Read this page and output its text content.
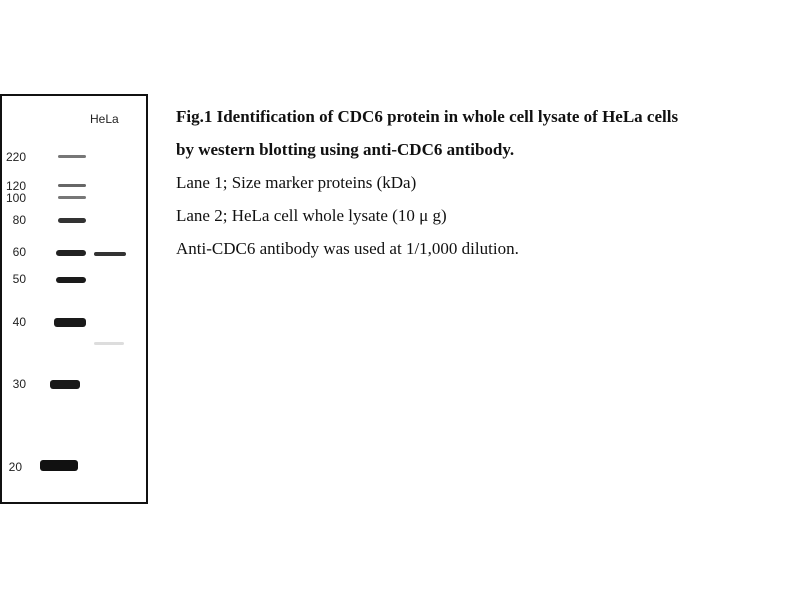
HeLa
220
120
100
80
60
50
40
30
20
Fig.1 Identification of CDC6 protein in whole cell lysate of HeLa cells
by western blotting using anti-CDC6 antibody.
Lane 1; Size marker proteins (kDa)
Lane 2; HeLa cell whole lysate (10 μ g)
Anti-CDC6 antibody was used at 1/1,000 dilution.
